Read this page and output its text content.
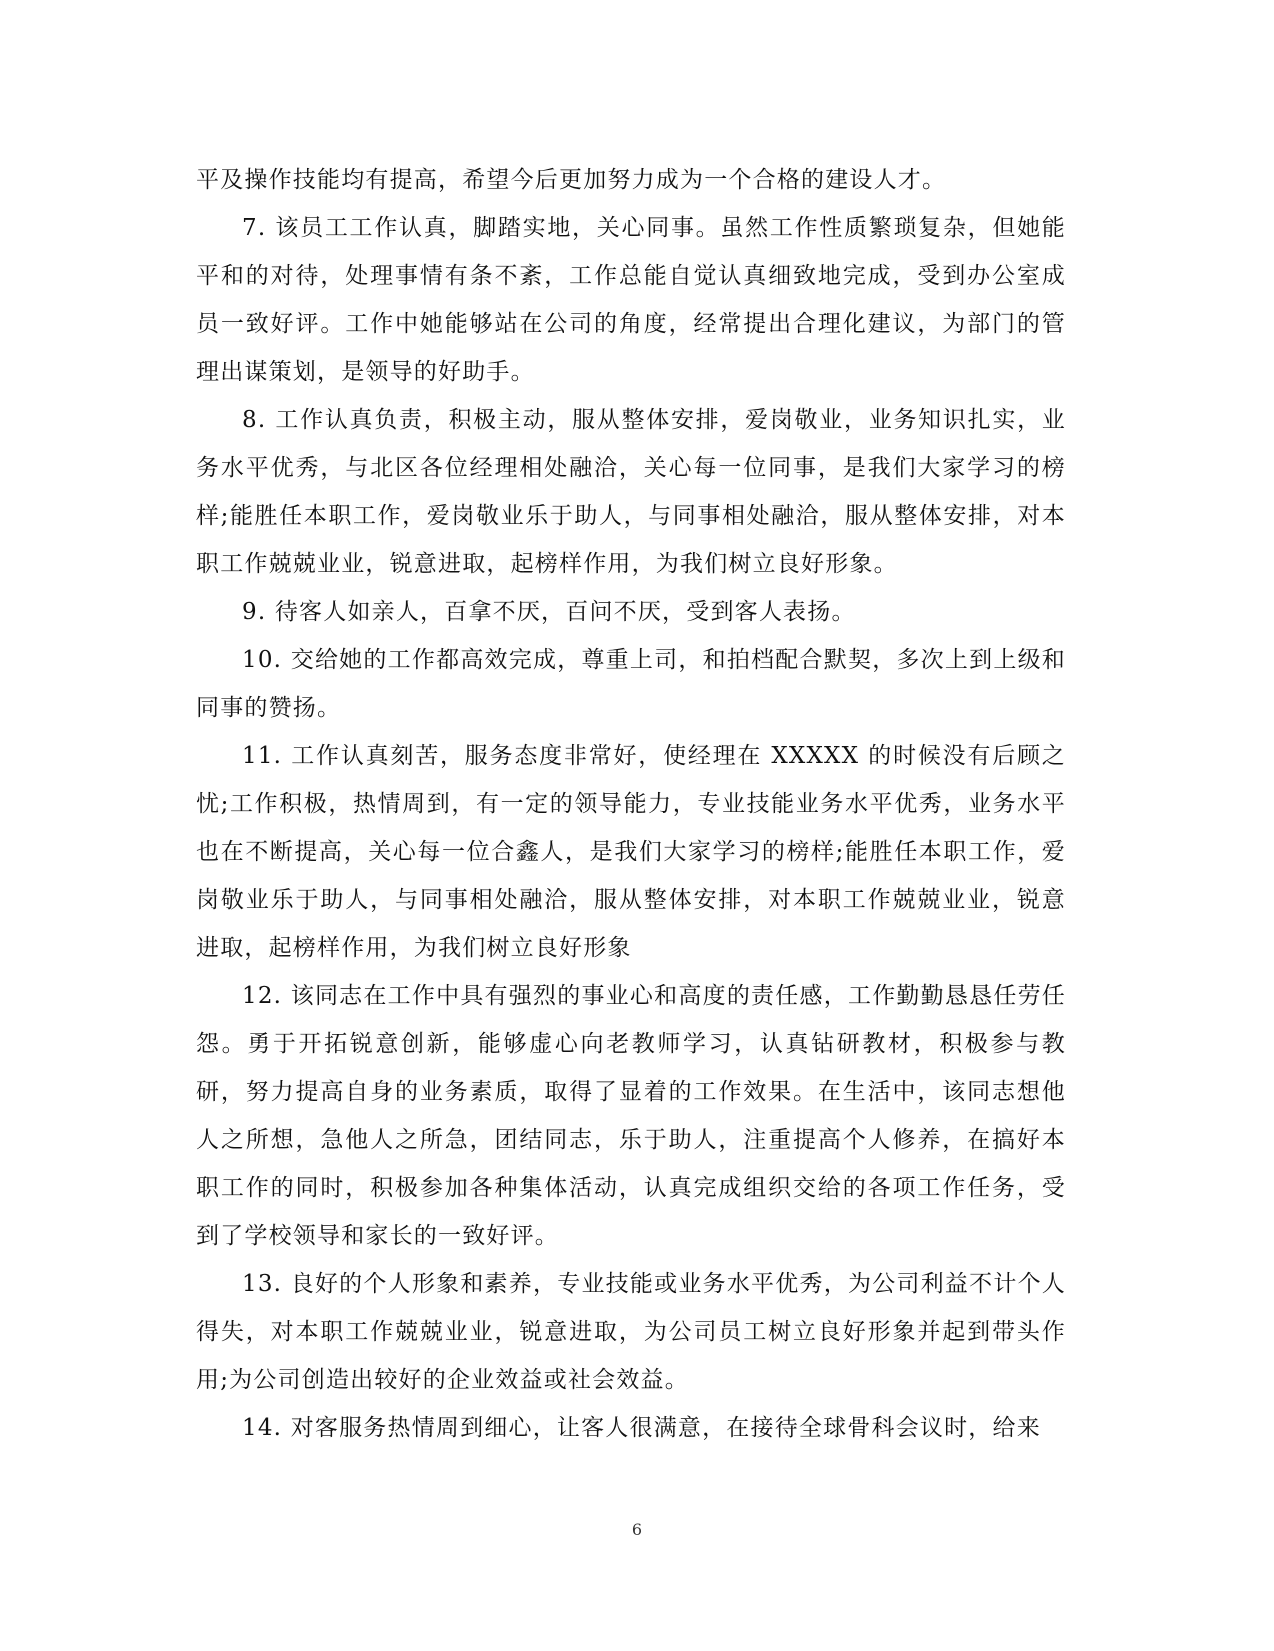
平及操作技能均有提高，希望今后更加努力成为一个合格的建设人才。

7. 该员工工作认真，脚踏实地，关心同事。虽然工作性质繁琐复杂，但她能平和的对待，处理事情有条不紊，工作总能自觉认真细致地完成，受到办公室成员一致好评。工作中她能够站在公司的角度，经常提出合理化建议，为部门的管理出谋策划，是领导的好助手。

8. 工作认真负责，积极主动，服从整体安排，爱岗敬业，业务知识扎实，业务水平优秀，与北区各位经理相处融洽，关心每一位同事，是我们大家学习的榜样;能胜任本职工作，爱岗敬业乐于助人，与同事相处融洽，服从整体安排，对本职工作兢兢业业，锐意进取，起榜样作用，为我们树立良好形象。

9. 待客人如亲人，百拿不厌，百问不厌，受到客人表扬。

10. 交给她的工作都高效完成，尊重上司，和拍档配合默契，多次上到上级和同事的赞扬。

11. 工作认真刻苦，服务态度非常好，使经理在 XXXXX 的时候没有后顾之忧;工作积极，热情周到，有一定的领导能力，专业技能业务水平优秀，业务水平也在不断提高，关心每一位合鑫人，是我们大家学习的榜样;能胜任本职工作，爱岗敬业乐于助人，与同事相处融洽，服从整体安排，对本职工作兢兢业业，锐意进取，起榜样作用，为我们树立良好形象

12. 该同志在工作中具有强烈的事业心和高度的责任感，工作勤勤恳恳任劳任怨。勇于开拓锐意创新，能够虚心向老教师学习，认真钻研教材，积极参与教研，努力提高自身的业务素质，取得了显着的工作效果。在生活中，该同志想他人之所想，急他人之所急，团结同志，乐于助人，注重提高个人修养，在搞好本职工作的同时，积极参加各种集体活动，认真完成组织交给的各项工作任务，受到了学校领导和家长的一致好评。

13. 良好的个人形象和素养，专业技能或业务水平优秀，为公司利益不计个人得失，对本职工作兢兢业业，锐意进取，为公司员工树立良好形象并起到带头作用;为公司创造出较好的企业效益或社会效益。

14. 对客服务热情周到细心，让客人很满意，在接待全球骨科会议时，给来

6
